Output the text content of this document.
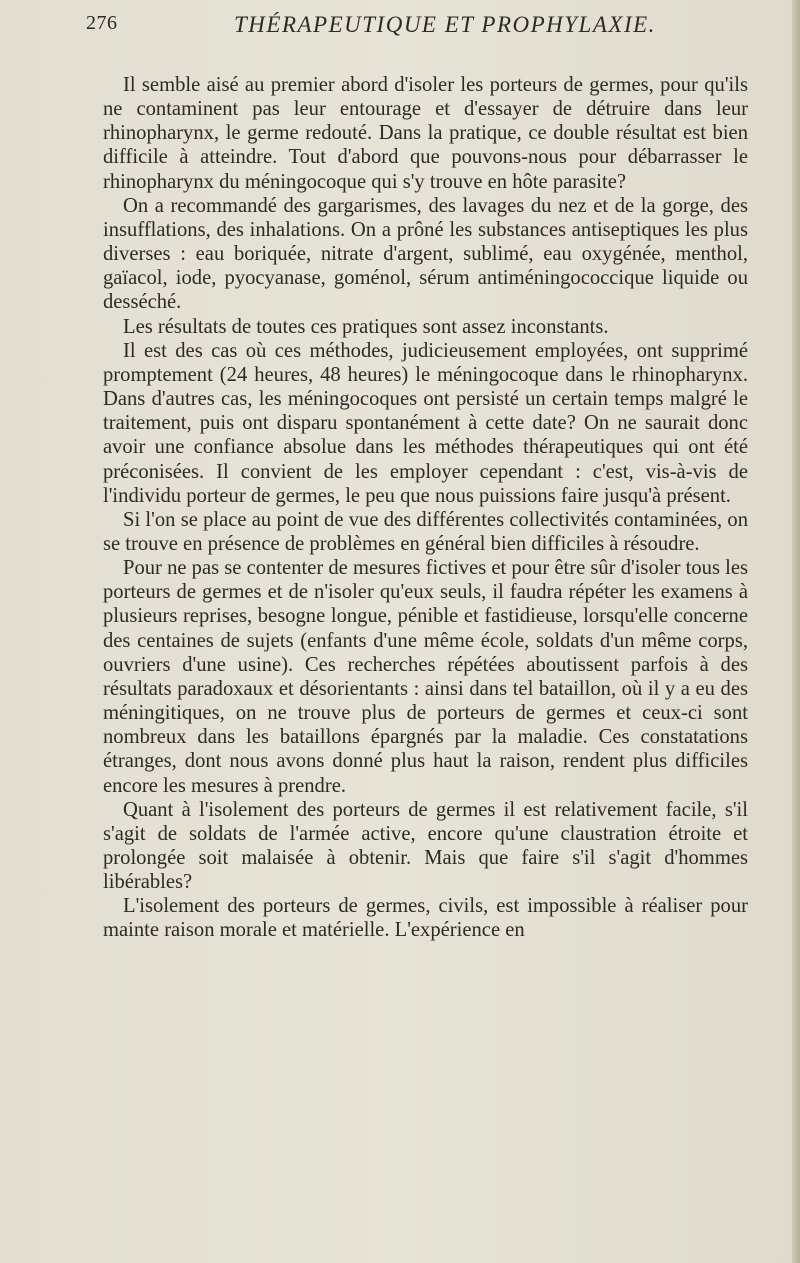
276	THÉRAPEUTIQUE ET PROPHYLAXIE.

Il semble aisé au premier abord d'isoler les porteurs de germes, pour qu'ils ne contaminent pas leur entourage et d'essayer de détruire dans leur rhinopharynx, le germe redouté. Dans la pratique, ce double résultat est bien difficile à atteindre. Tout d'abord que pouvons-nous pour débarrasser le rhinopharynx du méningocoque qui s'y trouve en hôte parasite?

On a recommandé des gargarismes, des lavages du nez et de la gorge, des insufflations, des inhalations. On a prôné les substances antiseptiques les plus diverses : eau boriquée, nitrate d'argent, sublimé, eau oxygénée, menthol, gaïacol, iode, pyocyanase, goménol, sérum antiméningococcique liquide ou desséché.

Les résultats de toutes ces pratiques sont assez inconstants.

Il est des cas où ces méthodes, judicieusement employées, ont supprimé promptement (24 heures, 48 heures) le méningocoque dans le rhinopharynx. Dans d'autres cas, les méningocoques ont persisté un certain temps malgré le traitement, puis ont disparu spontanément à cette date? On ne saurait donc avoir une confiance absolue dans les méthodes thérapeutiques qui ont été préconisées. Il convient de les employer cependant : c'est, vis-à-vis de l'individu porteur de germes, le peu que nous puissions faire jusqu'à présent.

Si l'on se place au point de vue des différentes collectivités contaminées, on se trouve en présence de problèmes en général bien difficiles à résoudre.

Pour ne pas se contenter de mesures fictives et pour être sûr d'isoler tous les porteurs de germes et de n'isoler qu'eux seuls, il faudra répéter les examens à plusieurs reprises, besogne longue, pénible et fastidieuse, lorsqu'elle concerne des centaines de sujets (enfants d'une même école, soldats d'un même corps, ouvriers d'une usine). Ces recherches répétées aboutissent parfois à des résultats paradoxaux et désorientants : ainsi dans tel bataillon, où il y a eu des méningitiques, on ne trouve plus de porteurs de germes et ceux-ci sont nombreux dans les bataillons épargnés par la maladie. Ces constatations étranges, dont nous avons donné plus haut la raison, rendent plus difficiles encore les mesures à prendre.

Quant à l'isolement des porteurs de germes il est relativement facile, s'il s'agit de soldats de l'armée active, encore qu'une claustration étroite et prolongée soit malaisée à obtenir. Mais que faire s'il s'agit d'hommes libérables?

L'isolement des porteurs de germes, civils, est impossible à réaliser pour mainte raison morale et matérielle. L'expérience en
